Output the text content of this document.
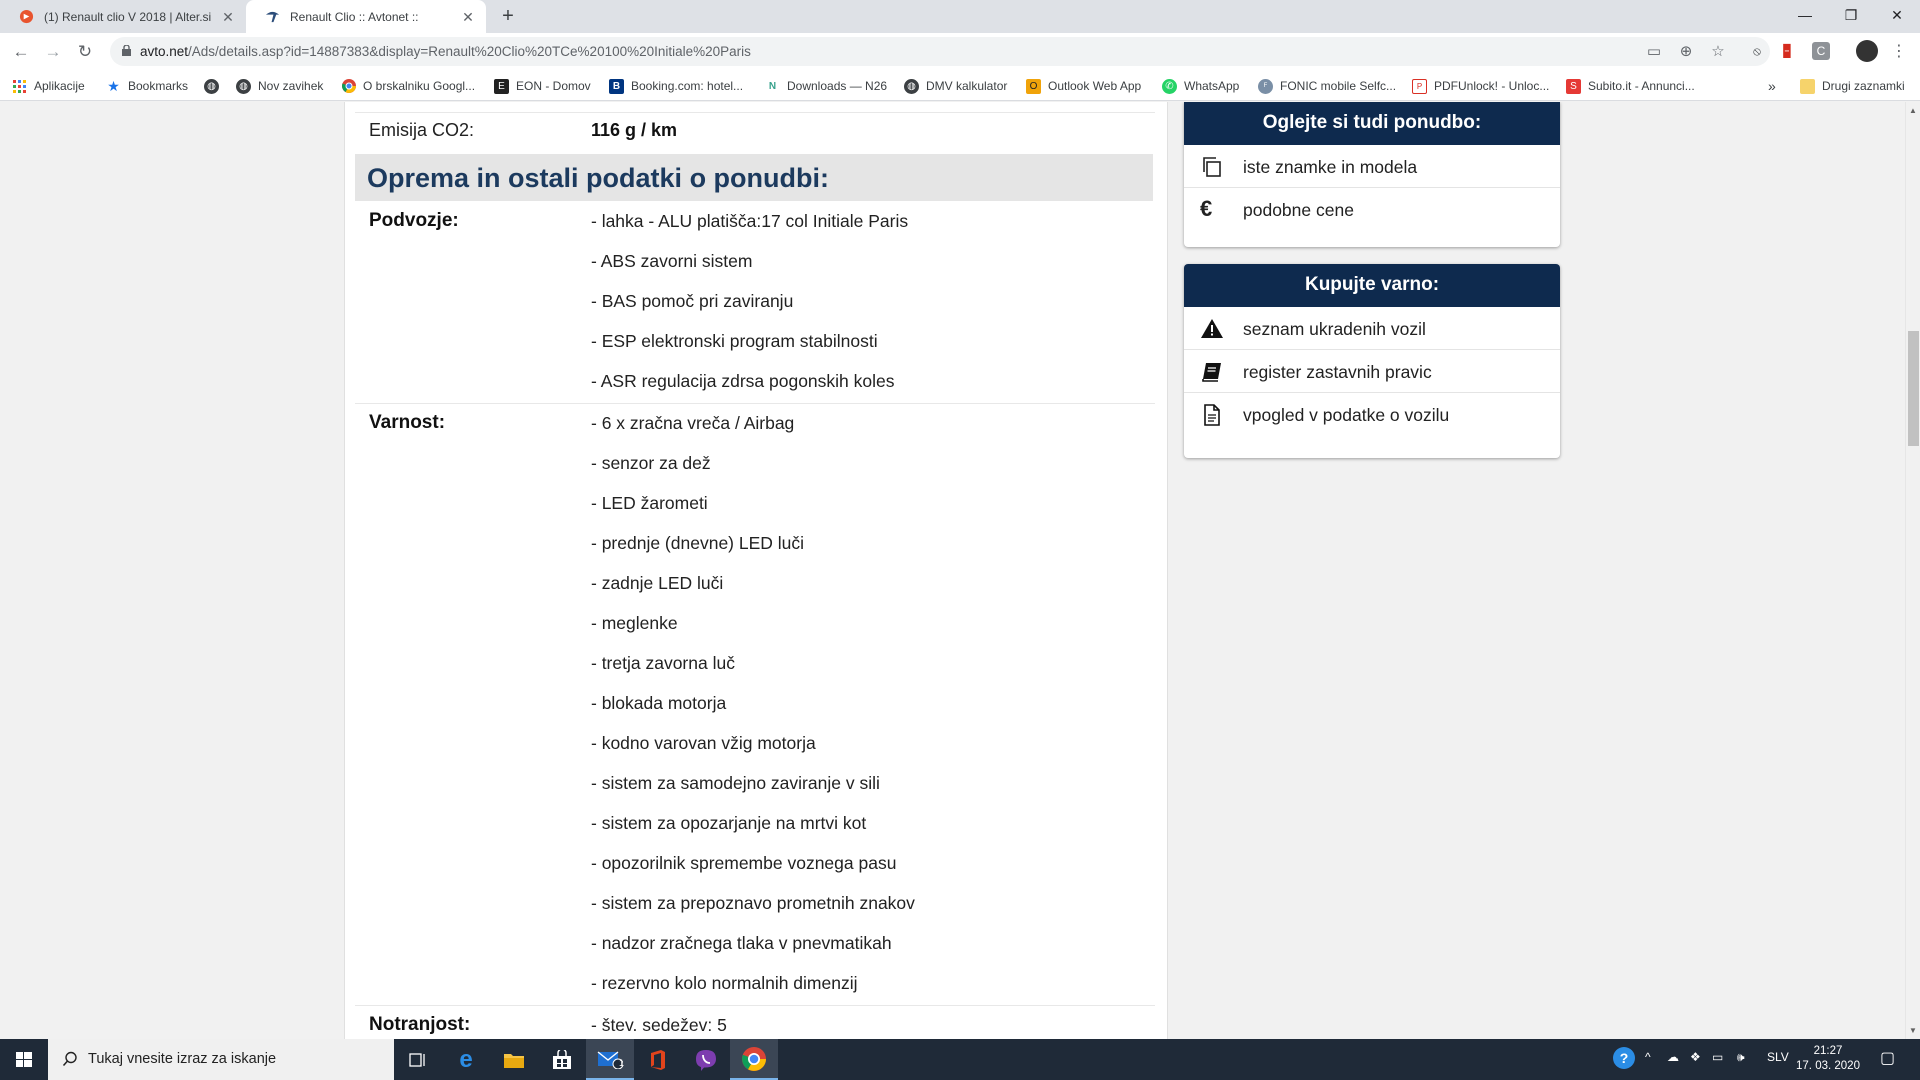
(1) Renault clio V 2018 | Alter.si ✕	Renault Clio :: Avtonet ::	✕	+	—	❐	✕
← → ↻	avto.net/Ads/details.asp?id=14887383&display=Renault%20Clio%20TCe%20100%20Initiale%20Paris	▭ ⊕ ☆	⦸	🁢	C	⋮
Aplikacije ★ Bookmarks	◍	◍ Nov zavihek	O brskalniku Googl...	E EON - Domov	B Booking.com: hotel...	N Downloads — N26	◍ DMV kalkulator	O Outlook Web App	✆ WhatsApp	F	FONIC mobile Selfc...	P PDFUnlock! - Unloc...	S Subito.it - Annunci...	»	Drugi zaznamki
Emisija CO2:	116 g / km
Oprema in ostali podatki o ponudbi:
Podvozje:	- lahka - ALU platišča:17 col Initiale Paris
- ABS zavorni sistem
- BAS pomoč pri zaviranju
- ESP elektronski program stabilnosti
- ASR regulacija zdrsa pogonskih koles
Varnost:	- 6 x zračna vreča / Airbag
- senzor za dež
- LED žarometi
- prednje (dnevne) LED luči
- zadnje LED luči
- meglenke
- tretja zavorna luč
- blokada motorja
- kodno varovan vžig motorja
- sistem za samodejno zaviranje v sili
- sistem za opozarjanje na mrtvi kot
- opozorilnik spremembe voznega pasu
- sistem za prepoznavo prometnih znakov
- nadzor zračnega tlaka v pnevmatikah
- rezervno kolo normalnih dimenzij
Notranjost:	- štev. sedežev: 5
Oglejte si tudi ponudbo:
iste znamke in modela
€	podobne cene
Kupujte varno:
seznam ukradenih vozil
register zastavnih pravic
vpogled v podatke o vozilu
▲
▼
Tukaj vnesite izraz za iskanje	e	1	?	^ ☁ ❖ ▭ 🕪 SLV	21:27
17. 03. 2020	▢
